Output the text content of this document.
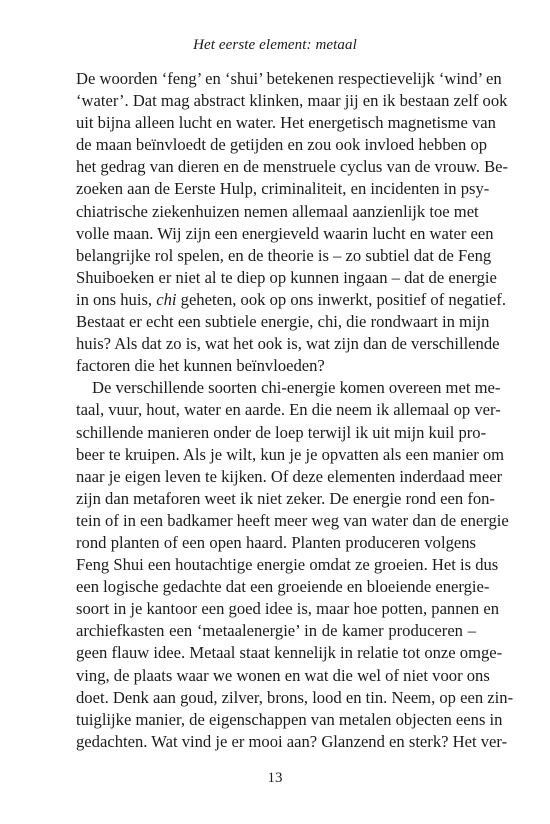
Het eerste element: metaal
De woorden ‘feng’ en ‘shui’ betekenen respectievelijk ‘wind’ en
‘water’. Dat mag abstract klinken, maar jij en ik bestaan zelf ook
uit bijna alleen lucht en water. Het energetisch magnetisme van
de maan beïnvloedt de getijden en zou ook invloed hebben op
het gedrag van dieren en de menstruele cyclus van de vrouw. Be-
zoeken aan de Eerste Hulp, criminaliteit, en incidenten in psy-
chiatrische ziekenhuizen nemen allemaal aanzienlijk toe met
volle maan. Wij zijn een energieveld waarin lucht en water een
belangrijke rol spelen, en de theorie is – zo subtiel dat de Feng
Shuiboeken er niet al te diep op kunnen ingaan – dat de energie
in ons huis, chi geheten, ook op ons inwerkt, positief of negatief.
Bestaat er echt een subtiele energie, chi, die rondwaart in mijn
huis? Als dat zo is, wat het ook is, wat zijn dan de verschillende
factoren die het kunnen beïnvloeden?
De verschillende soorten chi-energie komen overeen met me-
taal, vuur, hout, water en aarde. En die neem ik allemaal op ver-
schillende manieren onder de loep terwijl ik uit mijn kuil pro-
beer te kruipen. Als je wilt, kun je je opvatten als een manier om
naar je eigen leven te kijken. Of deze elementen inderdaad meer
zijn dan metaforen weet ik niet zeker. De energie rond een fon-
tein of in een badkamer heeft meer weg van water dan de energie
rond planten of een open haard. Planten produceren volgens
Feng Shui een houtachtige energie omdat ze groeien. Het is dus
een logische gedachte dat een groeiende en bloeiende energie-
soort in je kantoor een goed idee is, maar hoe potten, pannen en
archiefkasten een ‘metaalenergie’ in de kamer produceren –
geen flauw idee. Metaal staat kennelijk in relatie tot onze omge-
ving, de plaats waar we wonen en wat die wel of niet voor ons
doet. Denk aan goud, zilver, brons, lood en tin. Neem, op een zin-
tuiglijke manier, de eigenschappen van metalen objecten eens in
gedachten. Wat vind je er mooi aan? Glanzend en sterk? Het ver-
13
